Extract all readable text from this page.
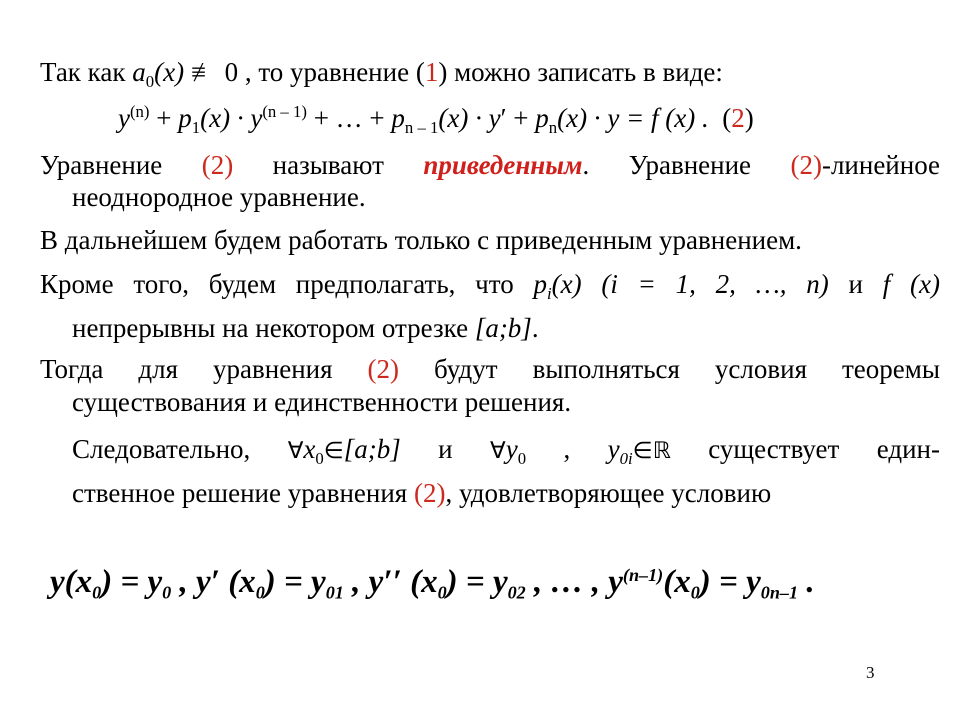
Так как $a_0(x)$ ≢ 0 , то уравнение (1) можно записать в виде:
$y^{(n)} + p_1(x) \cdot y^{(n - 1)}$ + … + $p_{n - 1}(x) \cdot y' + p_n(x) \cdot y = f$ (x) . (2)
Уравнение (2) называют приведенным. Уравнение (2)-линейное
неоднородное уравнение.
В дальнейшем будем работать только с приведенным уравнением.
Кроме того, будем предполагать, что $p_i(x) (i = 1$, 2, …, n) и f (x)
непрерывны на некотором отрезке [a;b].
Тогда для уравнения (2) будут выполняться условия теоремы
существования и единственности решения.
Следовательно, $\forall x_0\in[a;b]$ и $\forall y_0$ , $y_{0i}\in ℝ$ существует един-
ственное решение уравнения (2), удовлетворяющее условию
$y(x_0) = y_0$ , y′ $(x_0) = y_{01}$ , y′′ $(x_0) = y_{02}$ , … , $y^{(n-1)}(x_0) = y_{0n-1}$ .
3
